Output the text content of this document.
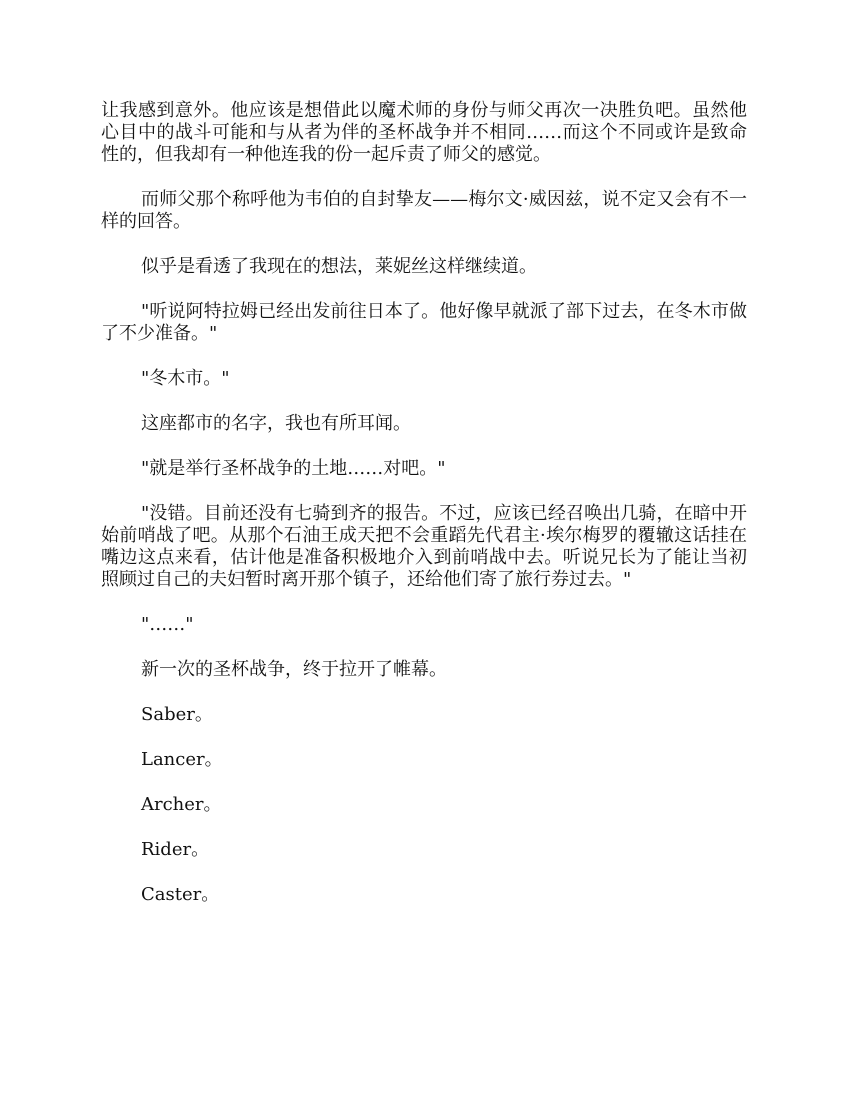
让我感到意外。他应该是想借此以魔术师的身份与师父再次一决胜负吧。虽然他心目中的战斗可能和与从者为伴的圣杯战争并不相同……而这个不同或许是致命性的，但我却有一种他连我的份一起斥责了师父的感觉。

而师父那个称呼他为韦伯的自封挚友——梅尔文·威因兹，说不定又会有不一样的回答。

似乎是看透了我现在的想法，莱妮丝这样继续道。

"听说阿特拉姆已经出发前往日本了。他好像早就派了部下过去，在冬木市做了不少准备。"

"冬木市。"

这座都市的名字，我也有所耳闻。

"就是举行圣杯战争的土地……对吧。"

"没错。目前还没有七骑到齐的报告。不过，应该已经召唤出几骑，在暗中开始前哨战了吧。从那个石油王成天把不会重蹈先代君主·埃尔梅罗的覆辙这话挂在嘴边这点来看，估计他是准备积极地介入到前哨战中去。听说兄长为了能让当初照顾过自己的夫妇暂时离开那个镇子，还给他们寄了旅行券过去。"

"……"

新一次的圣杯战争，终于拉开了帷幕。

Saber。

Lancer。

Archer。

Rider。

Caster。
